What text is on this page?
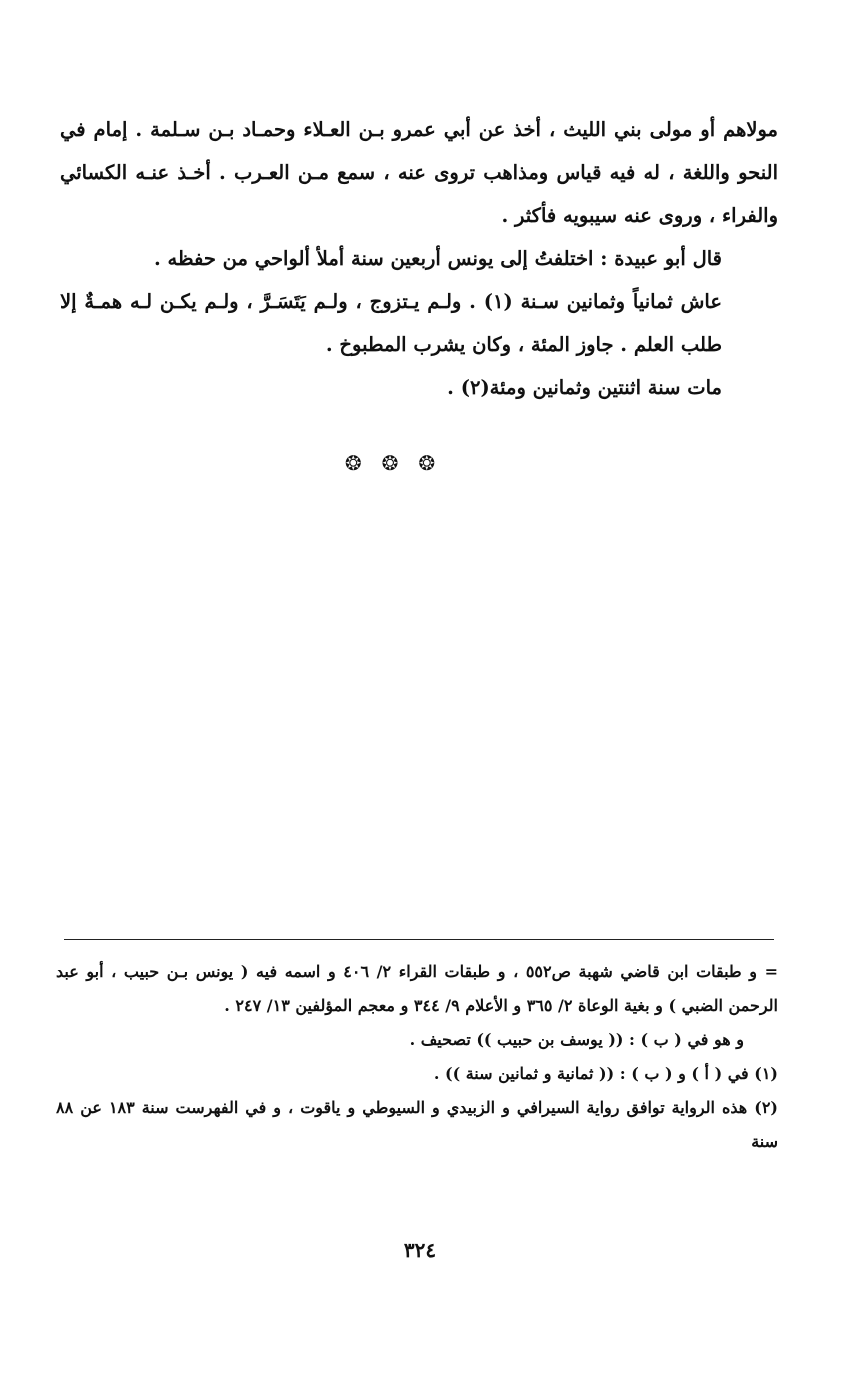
مولاهم أو مولى بني الليث ، أخذ عن أبي عمرو بـن العـلاء وحمـاد بـن سـلمة . إمام في النحو واللغة ، له فيه قياس ومذاهب تروى عنه ، سمع مـن العـرب . أخـذ عنـه الكسائي والفراء ، وروى عنه سيبويه فأكثر .

قال أبو عبيدة : اختلفتُ إلى يونس أربعين سنة أملأ ألواحي من حفظه .

عاش ثمانياً وثمانين سـنة (١) . ولـم يـتزوج ، ولـم يَتَسَـرَّ ، ولـم يكـن لـه همـةٌ إلا طلب العلم . جاوز المئة ، وكان يشرب المطبوخ .

مات سنة اثنتين وثمانين ومئة(٢) .

❂ ❂ ❂

= و طبقات ابن قاضي شهبة ص٥٥٢ ، و طبقات القراء ٢/ ٤٠٦ و اسمه فيه ( يونس بـن حبيب ، أبو عبد الرحمن الضبي ) و بغية الوعاة ٢/ ٣٦٥ و الأعلام ٩/ ٣٤٤ و معجم المؤلفين ١٣/ ٢٤٧ .

و هو في ( ب ) : (( يوسف بن حبيب )) تصحيف .

(١) في ( أ ) و ( ب ) : (( ثمانية و ثمانين سنة )) .

(٢) هذه الرواية توافق رواية السيرافي و الزبيدي و السيوطي و ياقوت ، و في الفهرست سنة ١٨٣ عن ٨٨ سنة

٣٢٤
